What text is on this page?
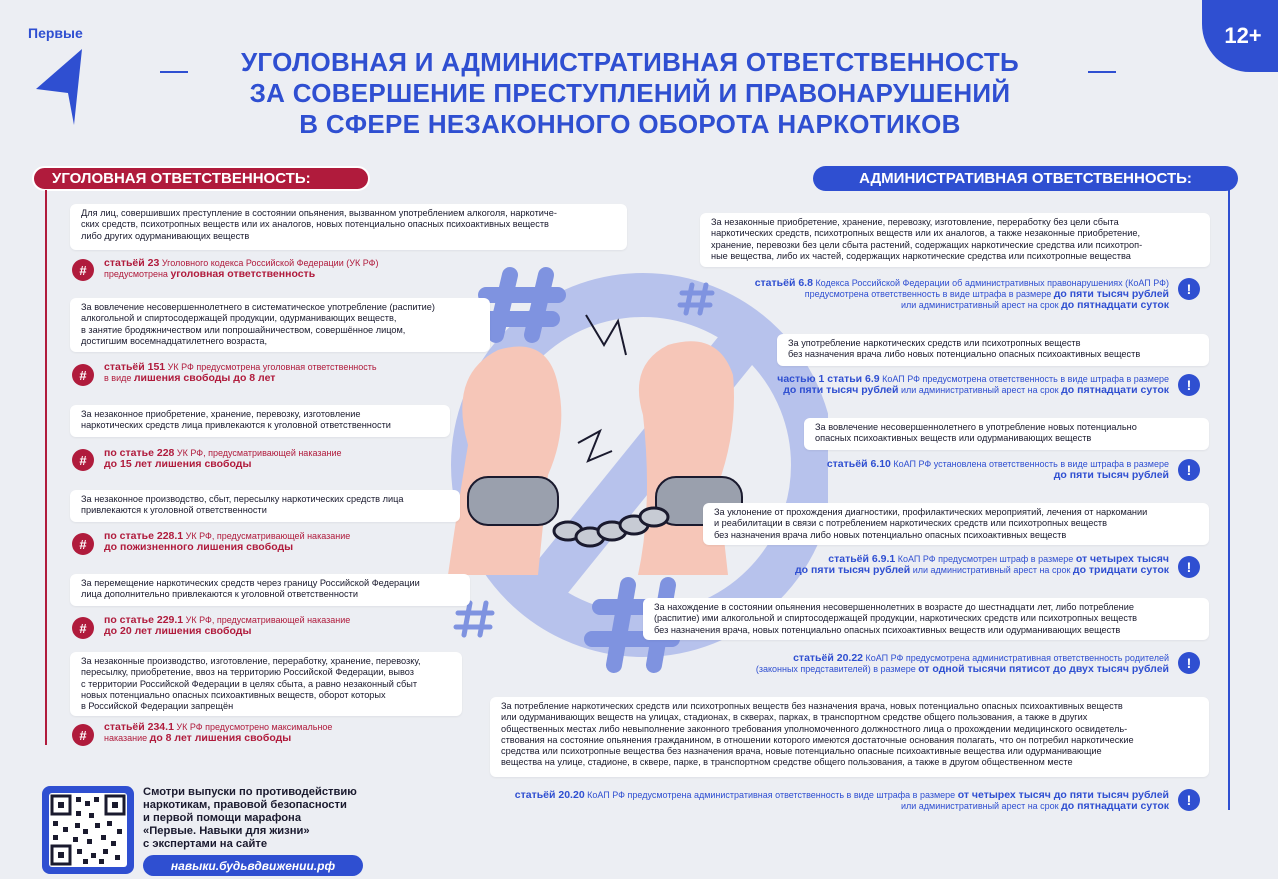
Первые	12+
УГОЛОВНАЯ И АДМИНИСТРАТИВНАЯ ОТВЕТСТВЕННОСТЬ
ЗА СОВЕРШЕНИЕ ПРЕСТУПЛЕНИЙ И ПРАВОНАРУШЕНИЙ
В СФЕРЕ НЕЗАКОННОГО ОБОРОТА НАРКОТИКОВ
УГОЛОВНАЯ ОТВЕТСТВЕННОСТЬ:
Для лиц, совершивших преступление в состоянии опьянения, вызванном употреблением алкоголя, наркотиче-
ских средств, психотропных веществ или их аналогов, новых потенциально опасных психоактивных веществ
либо других одурманивающих веществ
#	статьёй 23 Уголовного кодекса Российской Федерации (УК РФ)
предусмотрена уголовная ответственность
За вовлечение несовершеннолетнего в систематическое употребление (распитие)
алкогольной и спиртосодержащей продукции, одурманивающих веществ,
в занятие бродяжничеством или попрошайничеством, совершённое лицом,
достигшим восемнадцатилетнего возраста,
#
статьёй 151 УК РФ предусмотрена уголовная ответственность
в виде лишения свободы до 8 лет
За незаконное приобретение, хранение, перевозку, изготовление
наркотических средств лица привлекаются к уголовной ответственности
#	по статье 228 УК РФ, предусматривающей наказание
до 15 лет лишения свободы
За незаконное производство, сбыт, пересылку наркотических средств лица
привлекаются к уголовной ответственности
#
по статье 228.1 УК РФ, предусматривающей наказание
до пожизненного лишения свободы
За перемещение наркотических средств через границу Российской Федерации
лица дополнительно привлекаются к уголовной ответственности
#
по статье 229.1 УК РФ, предусматривающей наказание
до 20 лет лишения свободы
За незаконные производство, изготовление, переработку, хранение, перевозку,
пересылку, приобретение, ввоз на территорию Российской Федерации, вывоз
с территории Российской Федерации в целях сбыта, а равно незаконный сбыт
новых потенциально опасных психоактивных веществ, оборот которых
в Российской Федерации запрещён
#
статьёй 234.1 УК РФ предусмотрено максимальное
наказание до 8 лет лишения свободы
АДМИНИСТРАТИВНАЯ ОТВЕТСТВЕННОСТЬ:
За незаконные приобретение, хранение, перевозку, изготовление, переработку без цели сбыта
наркотических средств, психотропных веществ или их аналогов, а также незаконные приобретение,
хранение, перевозки без цели сбыта растений, содержащих наркотические средства или психотроп-
ные вещества, либо их частей, содержащих наркотические средства или психотропные вещества
статьёй 6.8 Кодекса Российской Федерации об административных правонарушениях (КоАП РФ)
предусмотрена ответственность в виде штрафа в размере до пяти тысяч рублей
или административный арест на срок до пятнадцати суток
!
За употребление наркотических средств или психотропных веществ
без назначения врача либо новых потенциально опасных психоактивных веществ
частью 1 статьи 6.9 КоАП РФ предусмотрена ответственность в виде штрафа в размере
до пяти тысяч рублей или административный арест на срок до пятнадцати суток	!
За вовлечение несовершеннолетнего в употребление новых потенциально
опасных психоактивных веществ или одурманивающих веществ
статьёй 6.10 КоАП РФ установлена ответственность в виде штрафа в размере
до пяти тысяч рублей	!
За уклонение от прохождения диагностики, профилактических мероприятий, лечения от наркомании
и реабилитации в связи с потреблением наркотических средств или психотропных веществ
без назначения врача либо новых потенциально опасных психоактивных веществ
статьёй 6.9.1 КоАП РФ предусмотрен штраф в размере от четырех тысяч
до пяти тысяч рублей или административный арест на срок до тридцати суток	!
За нахождение в состоянии опьянения несовершеннолетних в возрасте до шестнадцати лет, либо потребление
(распитие) ими алкогольной и спиртосодержащей продукции, наркотических средств или психотропных веществ
без назначения врача, новых потенциально опасных психоактивных веществ или одурманивающих веществ
статьёй 20.22 КоАП РФ предусмотрена административная ответственность родителей
(законных представителей) в размере от одной тысячи пятисот до двух тысяч рублей	!
За потребление наркотических средств или психотропных веществ без назначения врача, новых потенциально опасных психоактивных веществ
или одурманивающих веществ на улицах, стадионах, в скверах, парках, в транспортном средстве общего пользования, а также в других
общественных местах либо невыполнение законного требования уполномоченного должностного лица о прохождении медицинского освидетель-
ствования на состояние опьянения гражданином, в отношении которого имеются достаточные основания полагать, что он потребил наркотические
средства или психотропные вещества без назначения врача, новые потенциально опасные психоактивные вещества или одурманивающие
вещества на улице, стадионе, в сквере, парке, в транспортном средстве общего пользования, а также в другом общественном месте
статьёй 20.20 КоАП РФ предусмотрена административная ответственность в виде штрафа в размере от четырех тысяч до пяти тысяч рублей
или административный арест на срок до пятнадцати суток	!
Смотри выпуски по противодействию
наркотикам, правовой безопасности
и первой помощи марафона
«Первые. Навыки для жизни»
с экспертами на сайте
навыки.будьвдвижении.рф
